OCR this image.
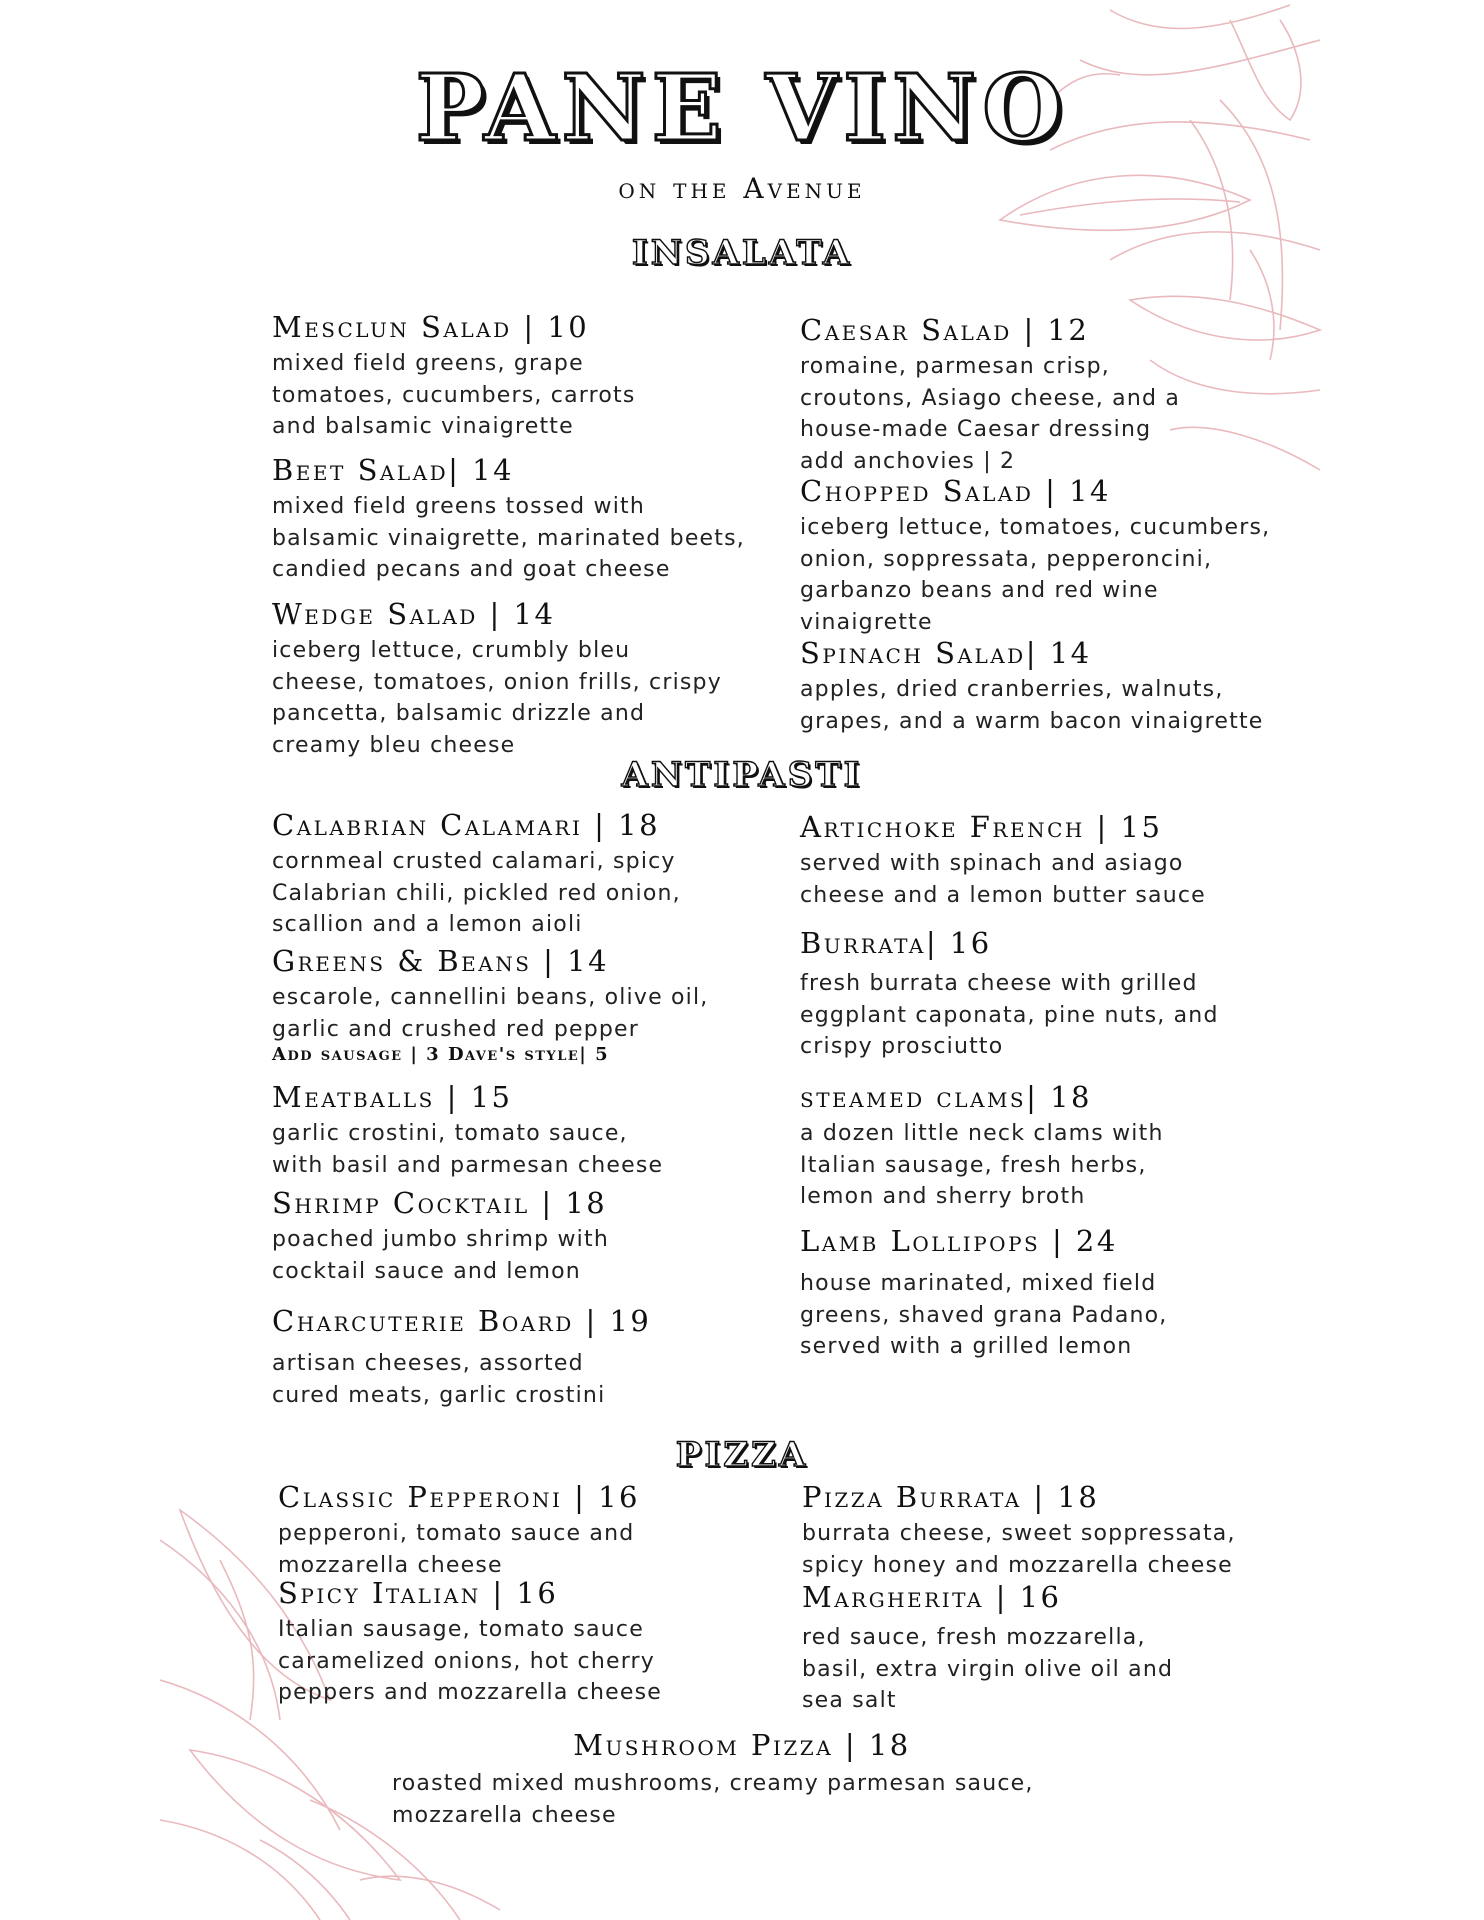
PANE VINO
on the Avenue
INSALATA
Mesclun Salad | 10
mixed field greens, grape
tomatoes, cucumbers, carrots
and balsamic vinaigrette
Beet Salad| 14
mixed field greens tossed with
balsamic vinaigrette, marinated beets,
candied pecans and goat cheese
Wedge Salad | 14
iceberg lettuce, crumbly bleu
cheese, tomatoes, onion frills, crispy
pancetta, balsamic drizzle and
creamy bleu cheese
Caesar Salad | 12
romaine, parmesan crisp,
croutons, Asiago cheese, and a
house-made Caesar dressing
add anchovies | 2
Chopped Salad | 14
iceberg lettuce, tomatoes, cucumbers,
onion, soppressata, pepperoncini,
garbanzo beans and red wine
vinaigrette
Spinach Salad| 14
apples, dried cranberries, walnuts,
grapes, and a warm bacon vinaigrette
ANTIPASTI
Calabrian Calamari | 18
cornmeal crusted calamari, spicy
Calabrian chili, pickled red onion,
scallion and a lemon aioli
Greens & Beans | 14
escarole, cannellini beans, olive oil,
garlic and crushed red pepper
Add sausage | 3 Dave's style| 5
Meatballs | 15
garlic crostini, tomato sauce,
with basil and parmesan cheese
Shrimp Cocktail | 18
poached jumbo shrimp with
cocktail sauce and lemon
Charcuterie Board | 19
artisan cheeses, assorted
cured meats, garlic crostini
Artichoke French | 15
served with spinach and asiago
cheese and a lemon butter sauce
Burrata| 16
fresh burrata cheese with grilled
eggplant caponata, pine nuts, and
crispy prosciutto
steamed clams| 18
a dozen little neck clams with
Italian sausage, fresh herbs,
lemon and sherry broth
Lamb Lollipops | 24
house marinated, mixed field
greens, shaved grana Padano,
served with a grilled lemon
PIZZA
Classic Pepperoni | 16
pepperoni, tomato sauce and
mozzarella cheese
Spicy Italian | 16
Italian sausage, tomato sauce
caramelized onions, hot cherry
peppers and mozzarella cheese
Pizza Burrata | 18
burrata cheese, sweet soppressata,
spicy honey and mozzarella cheese
Margherita | 16
red sauce, fresh mozzarella,
basil, extra virgin olive oil and
sea salt
Mushroom Pizza | 18
roasted mixed mushrooms, creamy parmesan sauce,
mozzarella cheese
